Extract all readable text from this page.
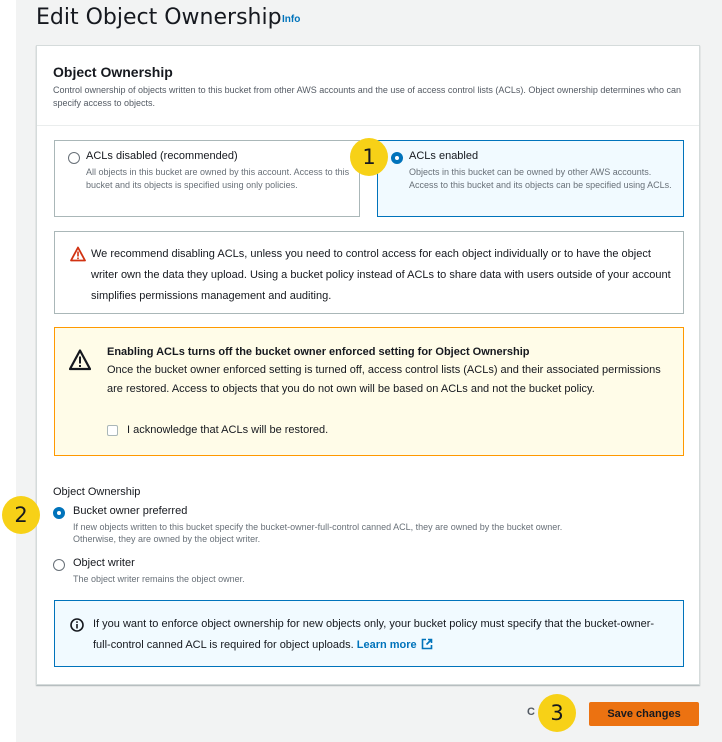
Edit Object Ownership Info
Object Ownership
Control ownership of objects written to this bucket from other AWS accounts and the use of access control lists (ACLs). Object ownership determines who can specify access to objects.
ACLs disabled (recommended)
All objects in this bucket are owned by this account. Access to this bucket and its objects is specified using only policies.
ACLs enabled
Objects in this bucket can be owned by other AWS accounts. Access to this bucket and its objects can be specified using ACLs.
We recommend disabling ACLs, unless you need to control access for each object individually or to have the object writer own the data they upload. Using a bucket policy instead of ACLs to share data with users outside of your account simplifies permissions management and auditing.
Enabling ACLs turns off the bucket owner enforced setting for Object Ownership
Once the bucket owner enforced setting is turned off, access control lists (ACLs) and their associated permissions are restored. Access to objects that you do not own will be based on ACLs and not the bucket policy.
I acknowledge that ACLs will be restored.
Object Ownership
Bucket owner preferred
If new objects written to this bucket specify the bucket-owner-full-control canned ACL, they are owned by the bucket owner. Otherwise, they are owned by the object writer.
Object writer
The object writer remains the object owner.
If you want to enforce object ownership for new objects only, your bucket policy must specify that the bucket-owner-full-control canned ACL is required for object uploads. Learn more
C	Save changes
1
2
3
